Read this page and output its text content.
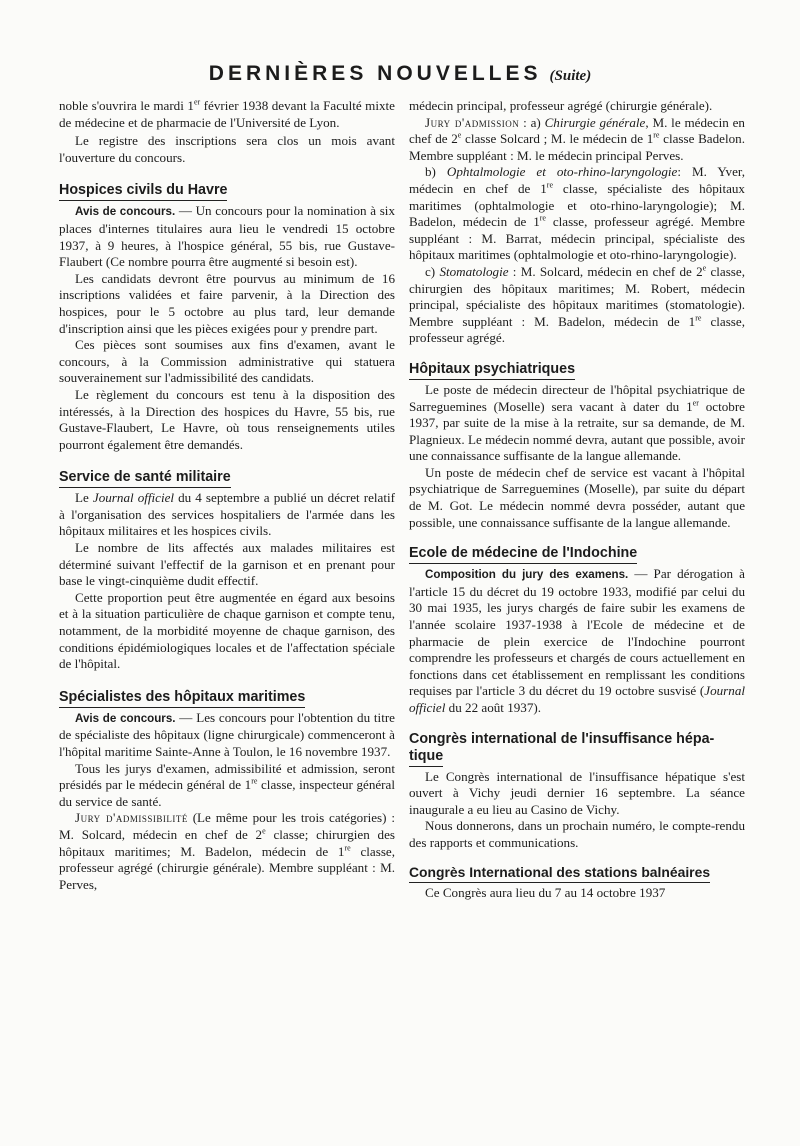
DERNIÈRES NOUVELLES (Suite)

noble s'ouvrira le mardi 1er février 1938 devant la Faculté mixte de médecine et de pharmacie de l'Université de Lyon.

Le registre des inscriptions sera clos un mois avant l'ouverture du concours.

Hospices civils du Havre

Avis de concours. — Un concours pour la nomination à six places d'internes titulaires aura lieu le vendredi 15 octobre 1937, à 9 heures, à l'hospice général, 55 bis, rue Gustave-Flaubert (Ce nombre pourra être augmenté si besoin est).

Les candidats devront être pourvus au minimum de 16 inscriptions validées et faire parvenir, à la Direction des hospices, pour le 5 octobre au plus tard, leur demande d'inscription ainsi que les pièces exigées pour y prendre part.

Ces pièces sont soumises aux fins d'examen, avant le concours, à la Commission administrative qui statuera souverainement sur l'admissibilité des candidats.

Le règlement du concours est tenu à la disposition des intéressés, à la Direction des hospices du Havre, 55 bis, rue Gustave-Flaubert, Le Havre, où tous renseignements utiles pourront également être demandés.

Service de santé militaire

Le Journal officiel du 4 septembre a publié un décret relatif à l'organisation des services hospitaliers de l'armée dans les hôpitaux militaires et les hospices civils.

Le nombre de lits affectés aux malades militaires est déterminé suivant l'effectif de la garnison et en prenant pour base le vingt-cinquième dudit effectif.

Cette proportion peut être augmentée en égard aux besoins et à la situation particulière de chaque garnison et compte tenu, notamment, de la morbidité moyenne de chaque garnison, des conditions épidémiologiques locales et de l'affectation spéciale de l'hôpital.

Spécialistes des hôpitaux maritimes

Avis de concours. — Les concours pour l'obtention du titre de spécialiste des hôpitaux (ligne chirurgicale) commenceront à l'hôpital maritime Sainte-Anne à Toulon, le 16 novembre 1937.

Tous les jurys d'examen, admissibilité et admission, seront présidés par le médecin général de 1re classe, inspecteur général du service de santé.

Jury d'admissibilité (Le même pour les trois catégories) : M. Solcard, médecin en chef de 2e classe; chirurgien des hôpitaux maritimes; M. Badelon, médecin de 1re classe, professeur agrégé (chirurgie générale). Membre suppléant : M. Perves,

médecin principal, professeur agrégé (chirurgie générale).

Jury d'admission : a) Chirurgie générale, M. le médecin en chef de 2e classe Solcard ; M. le médecin de 1re classe Badelon. Membre suppléant : M. le médecin principal Perves.

b) Ophtalmologie et oto-rhino-laryngologie: M. Yver, médecin en chef de 1re classe, spécialiste des hôpitaux maritimes (ophtalmologie et oto-rhino-laryngologie); M. Badelon, médecin de 1re classe, professeur agrégé. Membre suppléant : M. Barrat, médecin principal, spécialiste des hôpitaux maritimes (ophtalmologie et oto-rhino-laryngologie).

c) Stomatologie : M. Solcard, médecin en chef de 2e classe, chirurgien des hôpitaux maritimes; M. Robert, médecin principal, spécialiste des hôpitaux maritimes (stomatologie). Membre suppléant : M. Badelon, médecin de 1re classe, professeur agrégé.

Hôpitaux psychiatriques

Le poste de médecin directeur de l'hôpital psychiatrique de Sarreguemines (Moselle) sera vacant à dater du 1er octobre 1937, par suite de la mise à la retraite, sur sa demande, de M. Plagnieux. Le médecin nommé devra, autant que possible, avoir une connaissance suffisante de la langue allemande.

Un poste de médecin chef de service est vacant à l'hôpital psychiatrique de Sarreguemines (Moselle), par suite du départ de M. Got. Le médecin nommé devra posséder, autant que possible, une connaissance suffisante de la langue allemande.

Ecole de médecine de l'Indochine

Composition du jury des examens. — Par dérogation à l'article 15 du décret du 19 octobre 1933, modifié par celui du 30 mai 1935, les jurys chargés de faire subir les examens de l'année scolaire 1937-1938 à l'Ecole de médecine et de pharmacie de plein exercice de l'Indochine pourront comprendre les professeurs et chargés de cours actuellement en fonctions dans cet établissement en remplissant les conditions requises par l'article 3 du décret du 19 octobre susvisé (Journal officiel du 22 août 1937).

Congrès international de l'insuffisance hépa-
tique

Le Congrès international de l'insuffisance hépatique s'est ouvert à Vichy jeudi dernier 16 septembre. La séance inaugurale a eu lieu au Casino de Vichy.

Nous donnerons, dans un prochain numéro, le compte-rendu des rapports et communications.

Congrès International des stations balnéaires

Ce Congrès aura lieu du 7 au 14 octobre 1937
